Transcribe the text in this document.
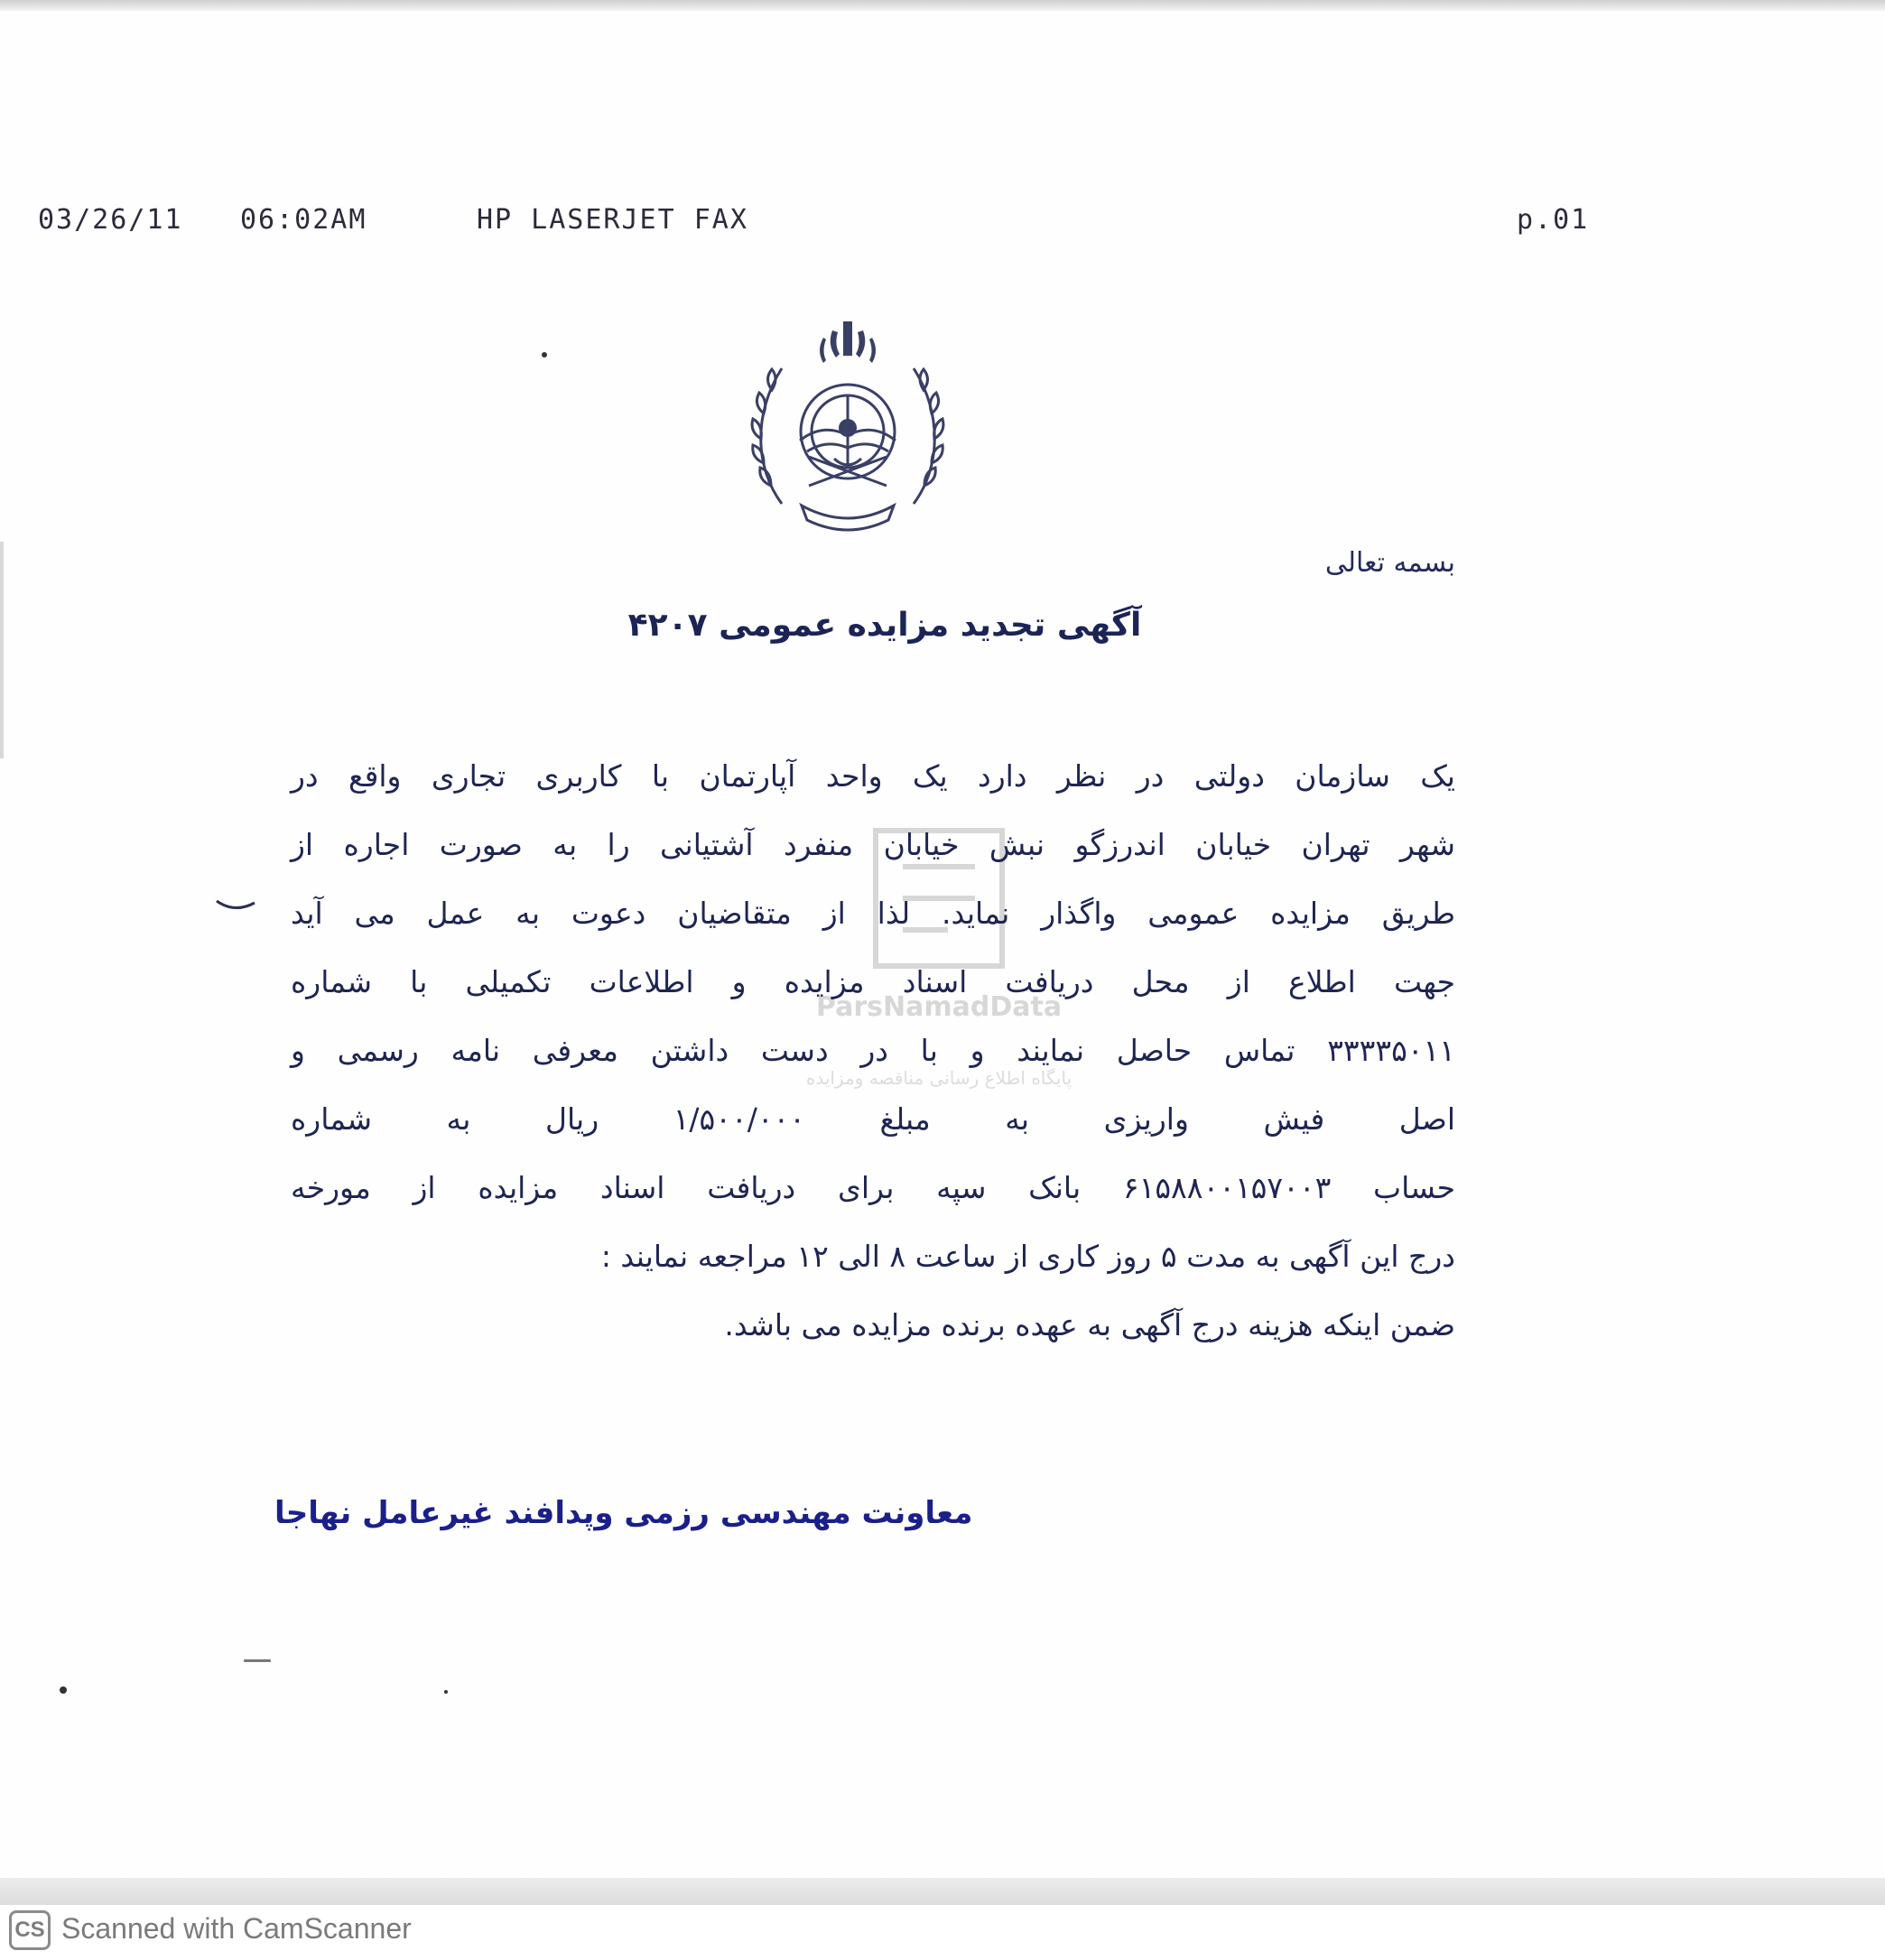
03/26/11 06:02AM	HP LASERJET FAX	p.01
بسمه تعالی
آگهی تجدید مزایده عمومی ۴۲۰۷
ParsNamadData
پایگاه اطلاع رسانی مناقصه ومزایده
یک سازمان دولتی در نظر دارد یک واحد آپارتمان با کاربری تجاری واقع در
شهر تهران خیابان اندرزگو نبش خیابان منفرد آشتیانی را به صورت اجاره از
طریق مزایده عمومی واگذار نماید. لذا از متقاضیان دعوت به عمل می آید
جهت اطلاع از محل دریافت اسناد مزایده و اطلاعات تکمیلی با شماره
۳۳۳۳۵۰۱۱ تماس حاصل نمایند و با در دست داشتن معرفی نامه رسمی و
اصل فیش واریزی به مبلغ ۱/۵۰۰/۰۰۰ ریال به شماره
حساب ۶۱۵۸۸۰۰۱۵۷۰۰۳ بانک سپه برای دریافت اسناد مزایده از مورخه
درج این آگهی به مدت ۵ روز کاری از ساعت ۸ الی ۱۲ مراجعه نمایند :
ضمن اینکه هزینه درج آگهی به عهده برنده مزایده می باشد.
معاونت مهندسی رزمی وپدافند غیرعامل نهاجا
CS Scanned with CamScanner
